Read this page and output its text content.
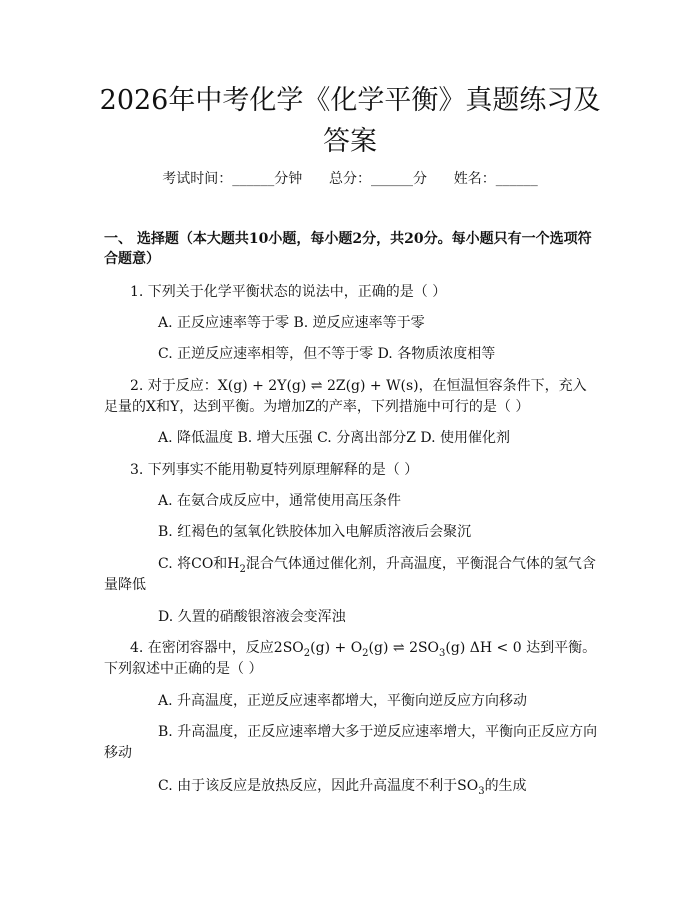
2026年中考化学《化学平衡》真题练习及答案
考试时间：______分钟      总分：______分      姓名：______
一、 选择题（本大题共10小题，每小题2分，共20分。每小题只有一个选项符合题意）
1. 下列关于化学平衡状态的说法中，正确的是（ ）
A. 正反应速率等于零 B. 逆反应速率等于零
C. 正逆反应速率相等，但不等于零 D. 各物质浓度相等
2. 对于反应：X(g) + 2Y(g) ⇌ 2Z(g) + W(s)，在恒温恒容条件下，充入足量的X和Y，达到平衡。为增加Z的产率，下列措施中可行的是（ ）
A. 降低温度 B. 增大压强 C. 分离出部分Z D. 使用催化剂
3. 下列事实不能用勒夏特列原理解释的是（ ）
A. 在氨合成反应中，通常使用高压条件
B. 红褐色的氢氧化铁胶体加入电解质溶液后会聚沉
C. 将CO和$H_2$混合气体通过催化剂，升高温度，平衡混合气体的氢气含量降低
D. 久置的硝酸银溶液会变浑浊
4. 在密闭容器中，反应$2SO_2(g) + O_2(g)$ ⇌ $2SO_3(g) \Delta H < 0$ 达到平衡。下列叙述中正确的是（ ）
A. 升高温度，正逆反应速率都增大，平衡向逆反应方向移动
B. 升高温度，正反应速率增大多于逆反应速率增大，平衡向正反应方向移动
C. 由于该反应是放热反应，因此升高温度不利于$SO_3$的生成
